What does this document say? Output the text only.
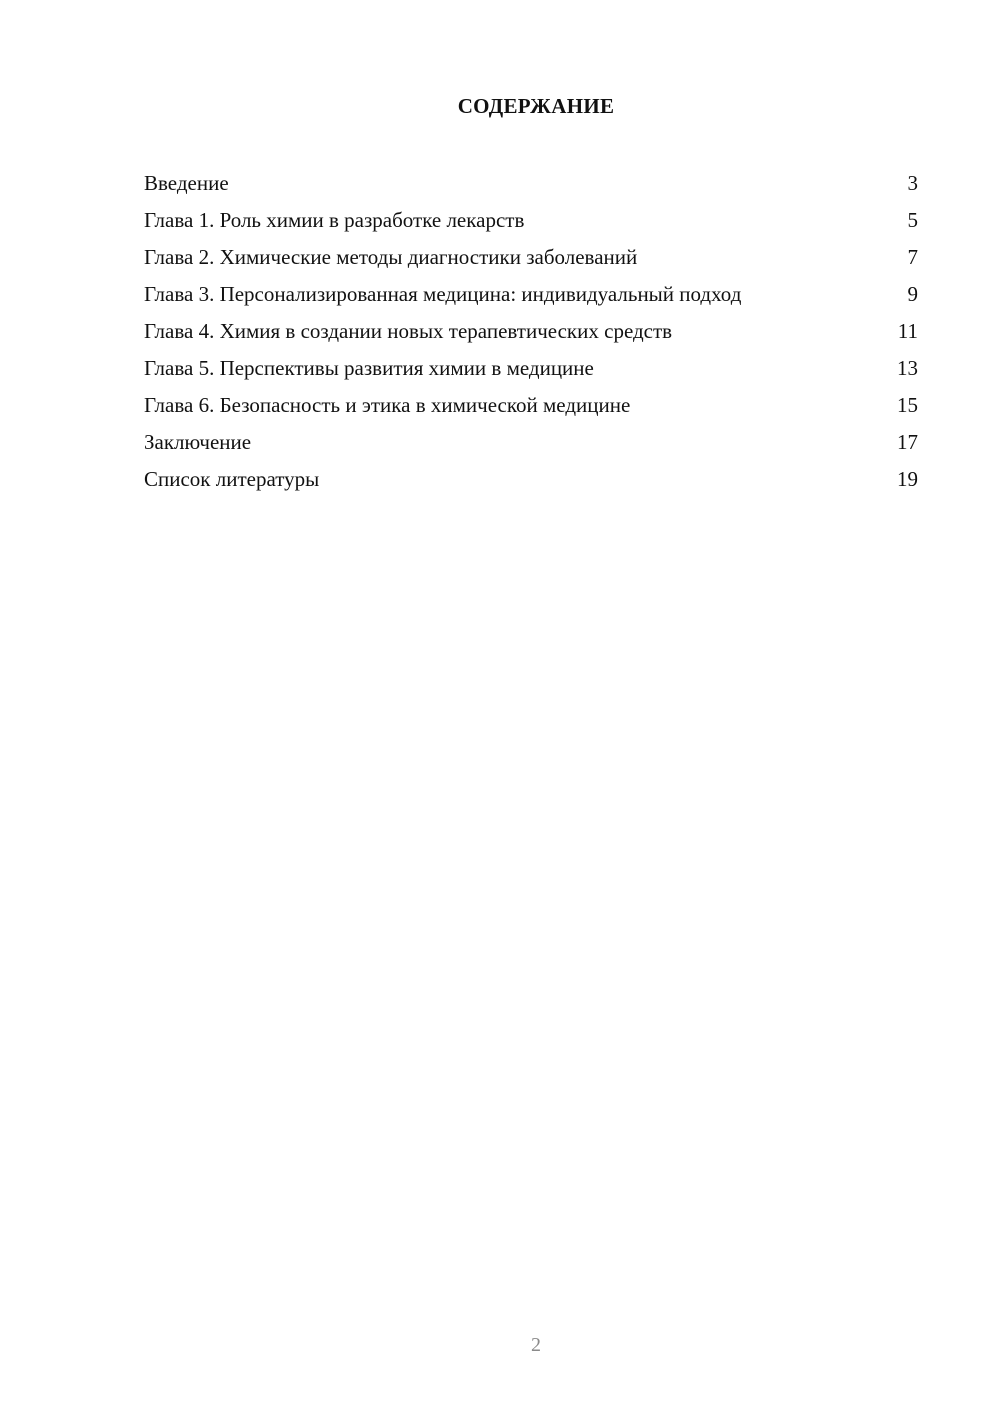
СОДЕРЖАНИЕ
Введение	3
Глава 1. Роль химии в разработке лекарств	5
Глава 2. Химические методы диагностики заболеваний	7
Глава 3. Персонализированная медицина: индивидуальный подход	9
Глава 4. Химия в создании новых терапевтических средств	11
Глава 5. Перспективы развития химии в медицине	13
Глава 6. Безопасность и этика в химической медицине	15
Заключение	17
Список литературы	19
2
